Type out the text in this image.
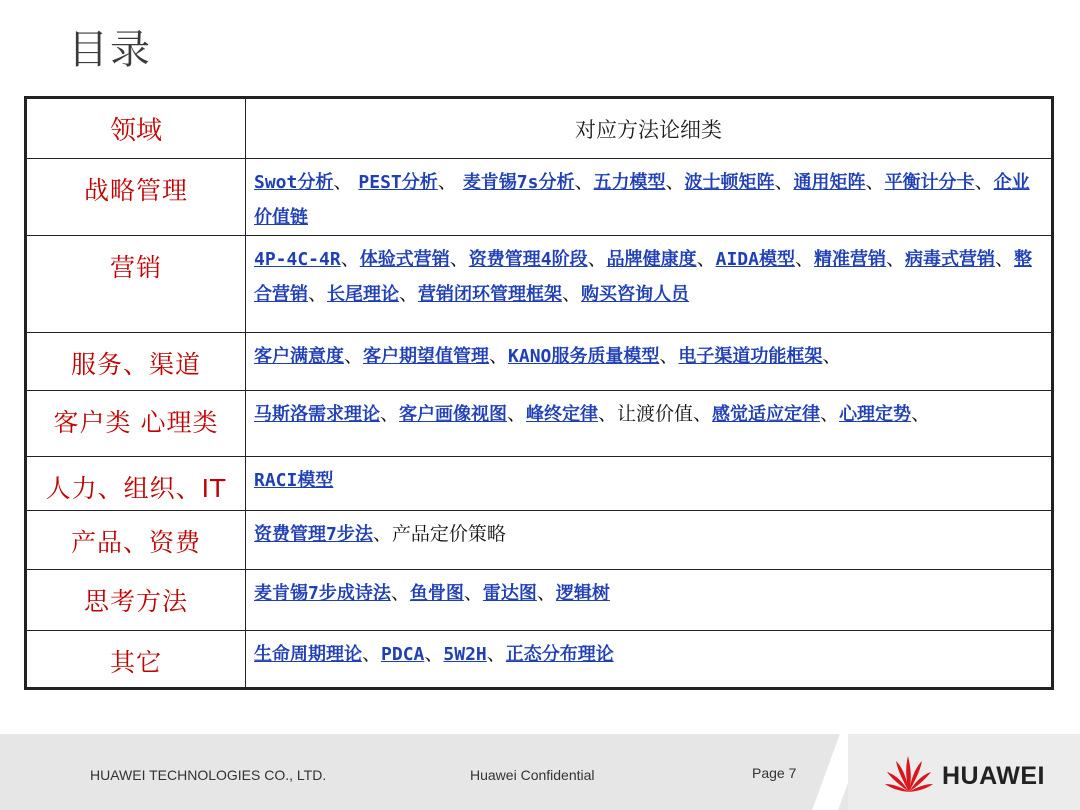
目录
领域	对应方法论细类
战略管理	Swot分析、 PEST分析、 麦肯锡7s分析、五力模型、波士顿矩阵、通用矩阵、平衡计分卡、企业价值链
营销	4P-4C-4R、体验式营销、资费管理4阶段、品牌健康度、AIDA模型、精准营销、病毒式营销、整合营销、长尾理论、营销闭环管理框架、购买咨询人员
服务、渠道	客户满意度、客户期望值管理、KANO服务质量模型、电子渠道功能框架、
客户类 心理类	马斯洛需求理论、客户画像视图、峰终定律、让渡价值、感觉适应定律、心理定势、
人力、组织、IT	RACI模型
产品、资费	资费管理7步法、产品定价策略
思考方法	麦肯锡7步成诗法、鱼骨图、雷达图、逻辑树
其它	生命周期理论、PDCA、5W2H、正态分布理论
HUAWEI TECHNOLOGIES CO., LTD.	Huawei Confidential	Page 7	HUAWEI
